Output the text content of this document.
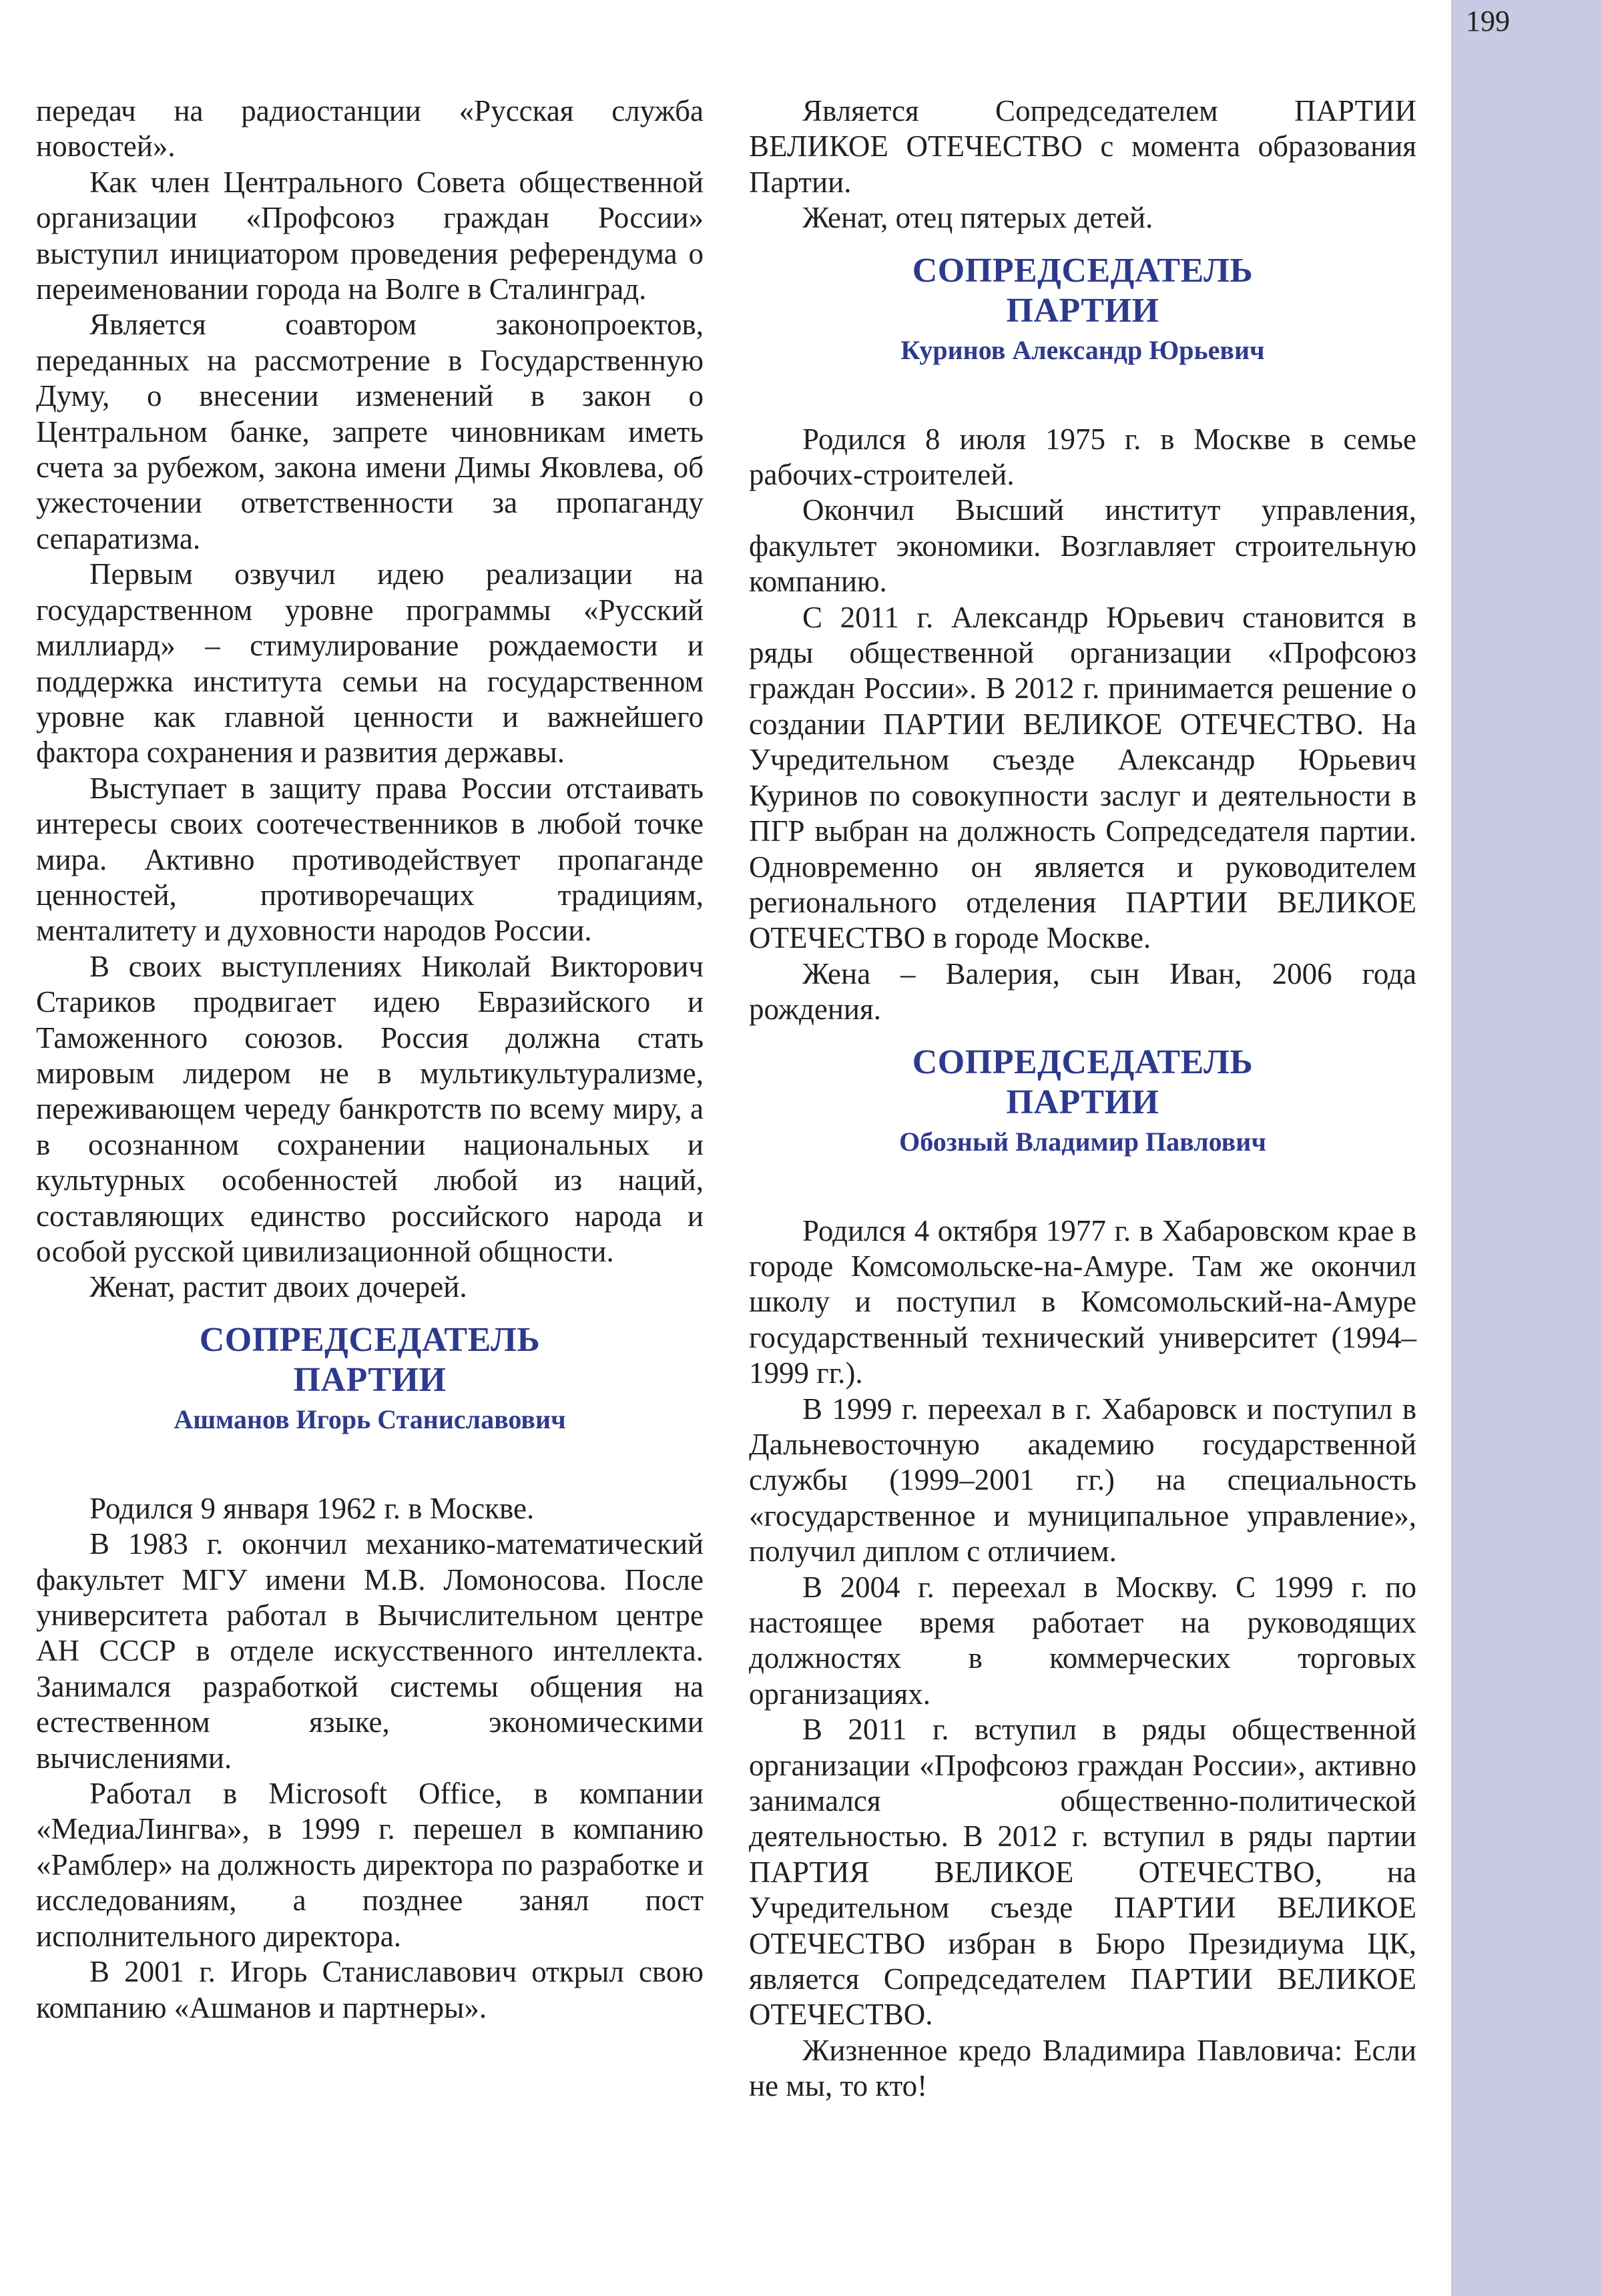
199

передач на радиостанции «Русская служба новостей».

Как член Центрального Совета общественной организации «Профсоюз граждан России» выступил инициатором проведения референдума о переименовании города на Волге в Сталинград.

Является соавтором законопроектов, переданных на рассмотрение в Государственную Думу, о внесении изменений в закон о Центральном банке, запрете чиновникам иметь счета за рубежом, закона имени Димы Яковлева, об ужесточении ответственности за пропаганду сепаратизма.

Первым озвучил идею реализации на государственном уровне программы «Русский миллиард» – стимулирование рождаемости и поддержка института семьи на государственном уровне как главной ценности и важнейшего фактора сохранения и развития державы.

Выступает в защиту права России отстаивать интересы своих соотечественников в любой точке мира. Активно противодействует пропаганде ценностей, противоречащих традициям, менталитету и духовности народов России.

В своих выступлениях Николай Викторович Стариков продвигает идею Евразийского и Таможенного союзов. Россия должна стать мировым лидером не в мультикультурализме, переживающем череду банкротств по всему миру, а в осознанном сохранении национальных и культурных особенностей любой из наций, составляющих единство российского народа и особой русской цивилизационной общности.

Женат, растит двоих дочерей.

СОПРЕДСЕДАТЕЛЬ
ПАРТИИ
Ашманов Игорь Станиславович

Родился 9 января 1962 г. в Москве.

В 1983 г. окончил механико-математический факультет МГУ имени М.В. Ломоносова. После университета работал в Вычислительном центре АН СССР в отделе искусственного интеллекта. Занимался разработкой системы общения на естественном языке, экономическими вычислениями.

Работал в Microsoft Office, в компании «МедиаЛингва», в 1999 г. перешел в компанию «Рамблер» на должность директора по разработке и исследованиям, а позднее занял пост исполнительного директора.

В 2001 г. Игорь Станиславович открыл свою компанию «Ашманов и партнеры».

Является Сопредседателем ПАРТИИ ВЕЛИКОЕ ОТЕЧЕСТВО с момента образования Партии.

Женат, отец пятерых детей.

СОПРЕДСЕДАТЕЛЬ
ПАРТИИ
Куринов Александр Юрьевич

Родился 8 июля 1975 г. в Москве в семье рабочих-строителей.

Окончил Высший институт управления, факультет экономики. Возглавляет строительную компанию.

С 2011 г. Александр Юрьевич становится в ряды общественной организации «Профсоюз граждан России». В 2012 г. принимается решение о создании ПАРТИИ ВЕЛИКОЕ ОТЕЧЕСТВО. На Учредительном съезде Александр Юрьевич Куринов по совокупности заслуг и деятельности в ПГР выбран на должность Сопредседателя партии. Одновременно он является и руководителем регионального отделения ПАРТИИ ВЕЛИКОЕ ОТЕЧЕСТВО в городе Москве.

Жена – Валерия, сын Иван, 2006 года рождения.

СОПРЕДСЕДАТЕЛЬ
ПАРТИИ
Обозный Владимир Павлович

Родился 4 октября 1977 г. в Хабаровском крае в городе Комсомольске-на-Амуре. Там же окончил школу и поступил в Комсомольский-на-Амуре государственный технический университет (1994–1999 гг.).

В 1999 г. переехал в г. Хабаровск и поступил в Дальневосточную академию государственной службы (1999–2001 гг.) на специальность «государственное и муниципальное управление», получил диплом с отличием.

В 2004 г. переехал в Москву. С 1999 г. по настоящее время работает на руководящих должностях в коммерческих торговых организациях.

В 2011 г. вступил в ряды общественной организации «Профсоюз граждан России», активно занимался общественно-политической деятельностью. В 2012 г. вступил в ряды партии ПАРТИЯ ВЕЛИКОЕ ОТЕЧЕСТВО, на Учредительном съезде ПАРТИИ ВЕЛИКОЕ ОТЕЧЕСТВО избран в Бюро Президиума ЦК, является Сопредседателем ПАРТИИ ВЕЛИКОЕ ОТЕЧЕСТВО.

Жизненное кредо Владимира Павловича: Если не мы, то кто!
